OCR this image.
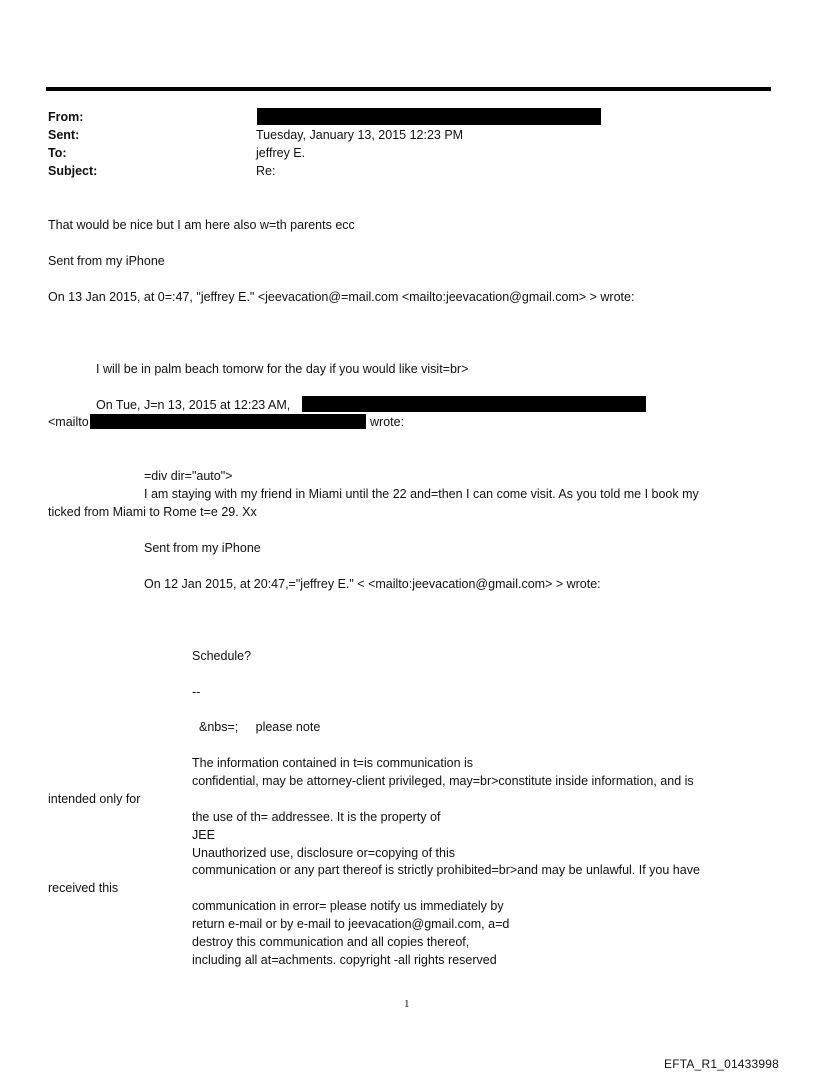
From:
Sent:	Tuesday, January 13, 2015 12:23 PM
To:	jeffrey E.
Subject:	Re:
That would be nice but I am here also w=th parents ecc
Sent from my iPhone
On 13 Jan 2015, at 0=:47, "jeffrey E." <jeevacation@=mail.com <mailto:jeevacation@gmail.com> > wrote:
I will be in palm beach tomorw for the day if you would like visit=br>
On Tue, J=n 13, 2015 at 12:23 AM,
<mailto	wrote:
=div dir="auto">
I am staying with my friend in Miami until the 22 and=then I can come visit. As you told me I book my
ticked from Miami to Rome t=e 29. Xx
Sent from my iPhone
On 12 Jan 2015, at 20:47,="jeffrey E." < <mailto:jeevacation@gmail.com> > wrote:
Schedule?
--
&nbs=;     please note
The information contained in t=is communication is
confidential, may be attorney-client privileged, may=br>constitute inside information, and is
intended only for
the use of th= addressee. It is the property of
JEE
Unauthorized use, disclosure or=copying of this
communication or any part thereof is strictly prohibited=br>and may be unlawful. If you have
received this
communication in error= please notify us immediately by
return e-mail or by e-mail to jeevacation@gmail.com, a=d
destroy this communication and all copies thereof,
including all at=achments. copyright -all rights reserved
1
EFTA_R1_01433998
